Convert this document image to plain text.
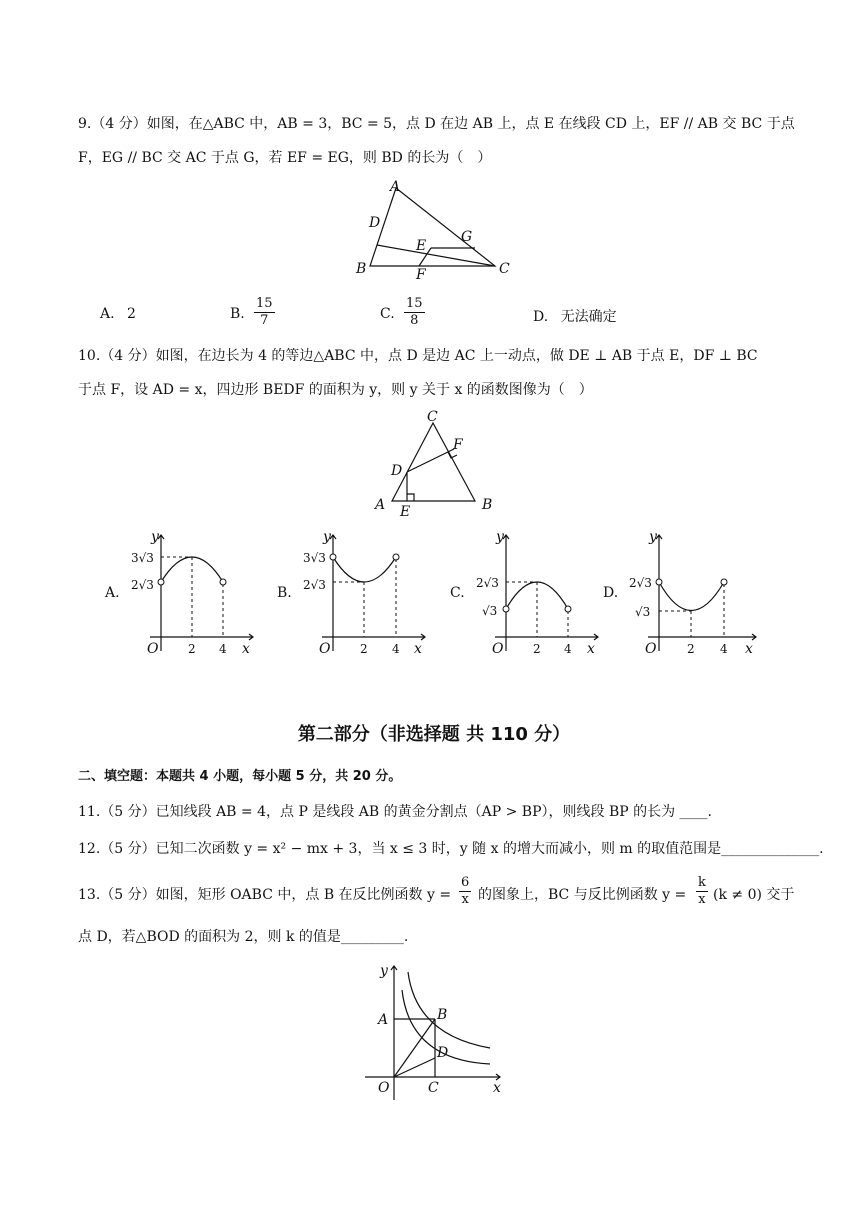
9.（4 分）如图，在△ABC 中，AB = 3，BC = 5，点 D 在边 AB 上，点 E 在线段 CD 上，EF // AB 交 BC 于点
F，EG // BC 交 AC 于点 G，若 EF = EG，则 BD 的长为（　）
A
D
G
E
B	F	C
A. 2	B. $\frac{15}{7}$	C. $\frac{15}{8}$	D. 无法确定
10.（4 分）如图，在边长为 4 的等边△ABC 中，点 D 是边 AC 上一动点，做 DE ⊥ AB 于点 E，DF ⊥ BC
于点 F，设 AD = x，四边形 BEDF 的面积为 y，则 y 关于 x 的函数图像为（　）
C
F
D
A E	B
A.
y
3√3
2√3
O 2 4 x
B.
y
3√3
2√3
O 2 4 x
C.
y
2√3
√3
O 2 4 x
D.
y
2√3
√3
O	2 4 x
第二部分（非选择题 共 110 分）
二、填空题：本题共 4 小题，每小题 5 分，共 20 分。
11.（5 分）已知线段 AB = 4，点 P 是线段 AB 的黄金分割点（AP > BP），则线段 BP 的长为 ____.
12.（5 分）已知二次函数 y = x² − mx + 3，当 x ≤ 3 时，y 随 x 的增大而减小，则 m 的取值范围是______________.
13.（5 分）如图，矩形 OABC 中，点 B 在反比例函数 $y = \frac{6}{x}$ 的图象上，BC 与反比例函数 $y = \frac{k}{x} (k \ne 0)$ 交于
点 D，若△BOD 的面积为 2，则 k 的值是_________.
y
A	B
D
O	C	x
